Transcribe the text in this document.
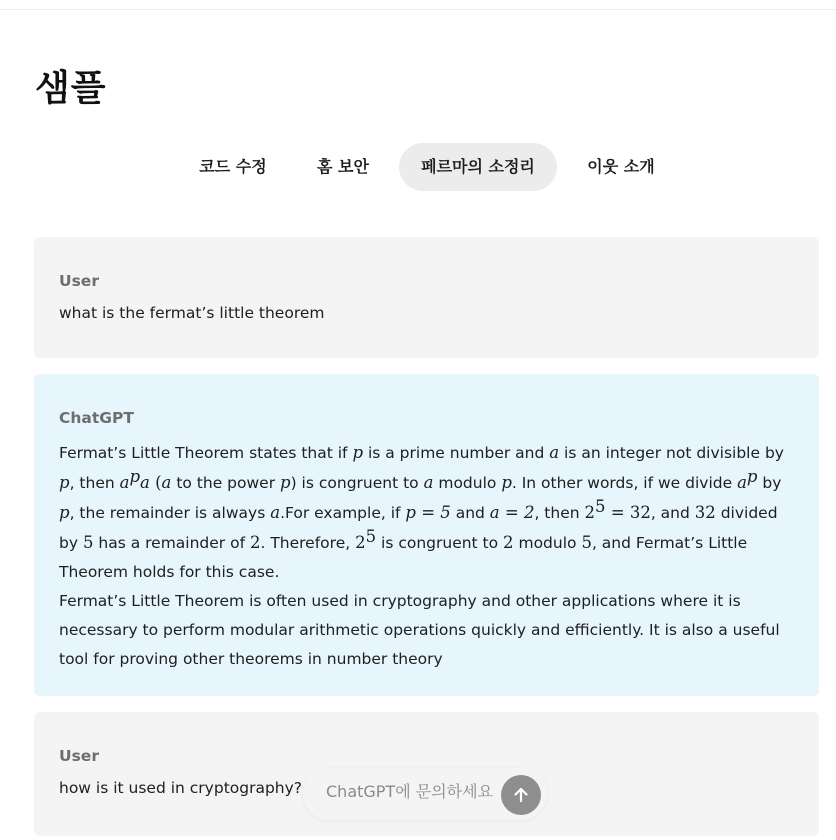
샘플
코드 수정	홈 보안	페르마의 소정리	이웃 소개
User
what is the fermat’s little theorem
ChatGPT

Fermat’s Little Theorem states that if p is a prime number and a is an integer not divisible by p, then $a^pa$ (a to the power p) is congruent to a modulo p. In other words, if we divide $a^p$ by p, the remainder is always a.For example, if p = 5 and a = 2, then $2^5 = 32$, and 32 divided by 5 has a remainder of 2. Therefore, $2^5$ is congruent to 2 modulo 5, and Fermat’s Little Theorem holds for this case.

Fermat’s Little Theorem is often used in cryptography and other applications where it is necessary to perform modular arithmetic operations quickly and efficiently. It is also a useful tool for proving other theorems in number theory

User
how is it used in cryptography?
ChatGPT에 문의하세요
